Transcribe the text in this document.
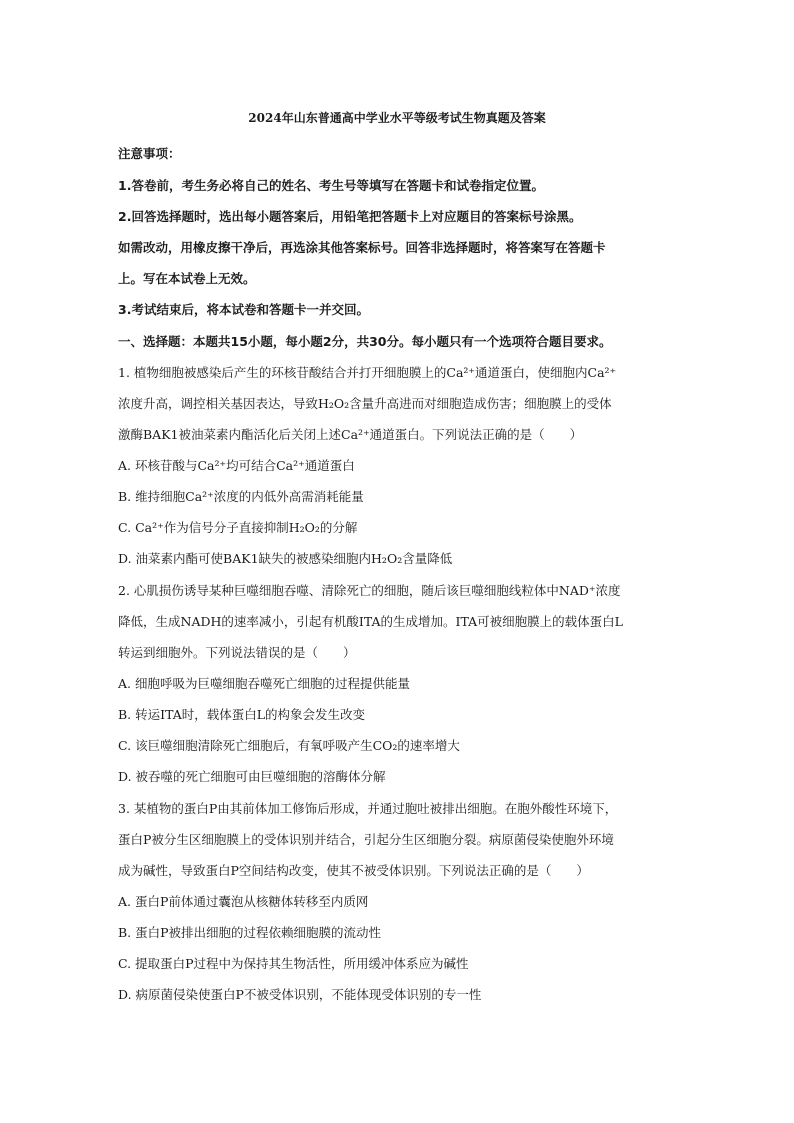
2024年山东普通高中学业水平等级考试生物真题及答案
注意事项：
1.答卷前，考生务必将自己的姓名、考生号等填写在答题卡和试卷指定位置。
2.回答选择题时，选出每小题答案后，用铅笔把答题卡上对应题目的答案标号涂黑。
如需改动，用橡皮擦干净后，再选涂其他答案标号。回答非选择题时，将答案写在答题卡
上。写在本试卷上无效。
3.考试结束后，将本试卷和答题卡一并交回。
一、选择题：本题共15小题，每小题2分，共30分。每小题只有一个选项符合题目要求。
1. 植物细胞被感染后产生的环核苷酸结合并打开细胞膜上的Ca²⁺通道蛋白，使细胞内Ca²⁺
浓度升高，调控相关基因表达，导致H₂O₂含量升高进而对细胞造成伤害；细胞膜上的受体
激酶BAK1被油菜素内酯活化后关闭上述Ca²⁺通道蛋白。下列说法正确的是（　　）
A. 环核苷酸与Ca²⁺均可结合Ca²⁺通道蛋白
B. 维持细胞Ca²⁺浓度的内低外高需消耗能量
C. Ca²⁺作为信号分子直接抑制H₂O₂的分解
D. 油菜素内酯可使BAK1缺失的被感染细胞内H₂O₂含量降低
2. 心肌损伤诱导某种巨噬细胞吞噬、清除死亡的细胞，随后该巨噬细胞线粒体中NAD⁺浓度
降低，生成NADH的速率减小，引起有机酸ITA的生成增加。ITA可被细胞膜上的载体蛋白L
转运到细胞外。下列说法错误的是（　　）
A. 细胞呼吸为巨噬细胞吞噬死亡细胞的过程提供能量
B. 转运ITA时，载体蛋白L的构象会发生改变
C. 该巨噬细胞清除死亡细胞后，有氧呼吸产生CO₂的速率增大
D. 被吞噬的死亡细胞可由巨噬细胞的溶酶体分解
3. 某植物的蛋白P由其前体加工修饰后形成，并通过胞吐被排出细胞。在胞外酸性环境下，
蛋白P被分生区细胞膜上的受体识别并结合，引起分生区细胞分裂。病原菌侵染使胞外环境
成为碱性，导致蛋白P空间结构改变，使其不被受体识别。下列说法正确的是（　　）
A. 蛋白P前体通过囊泡从核糖体转移至内质网
B. 蛋白P被排出细胞的过程依赖细胞膜的流动性
C. 提取蛋白P过程中为保持其生物活性，所用缓冲体系应为碱性
D. 病原菌侵染使蛋白P不被受体识别，不能体现受体识别的专一性
